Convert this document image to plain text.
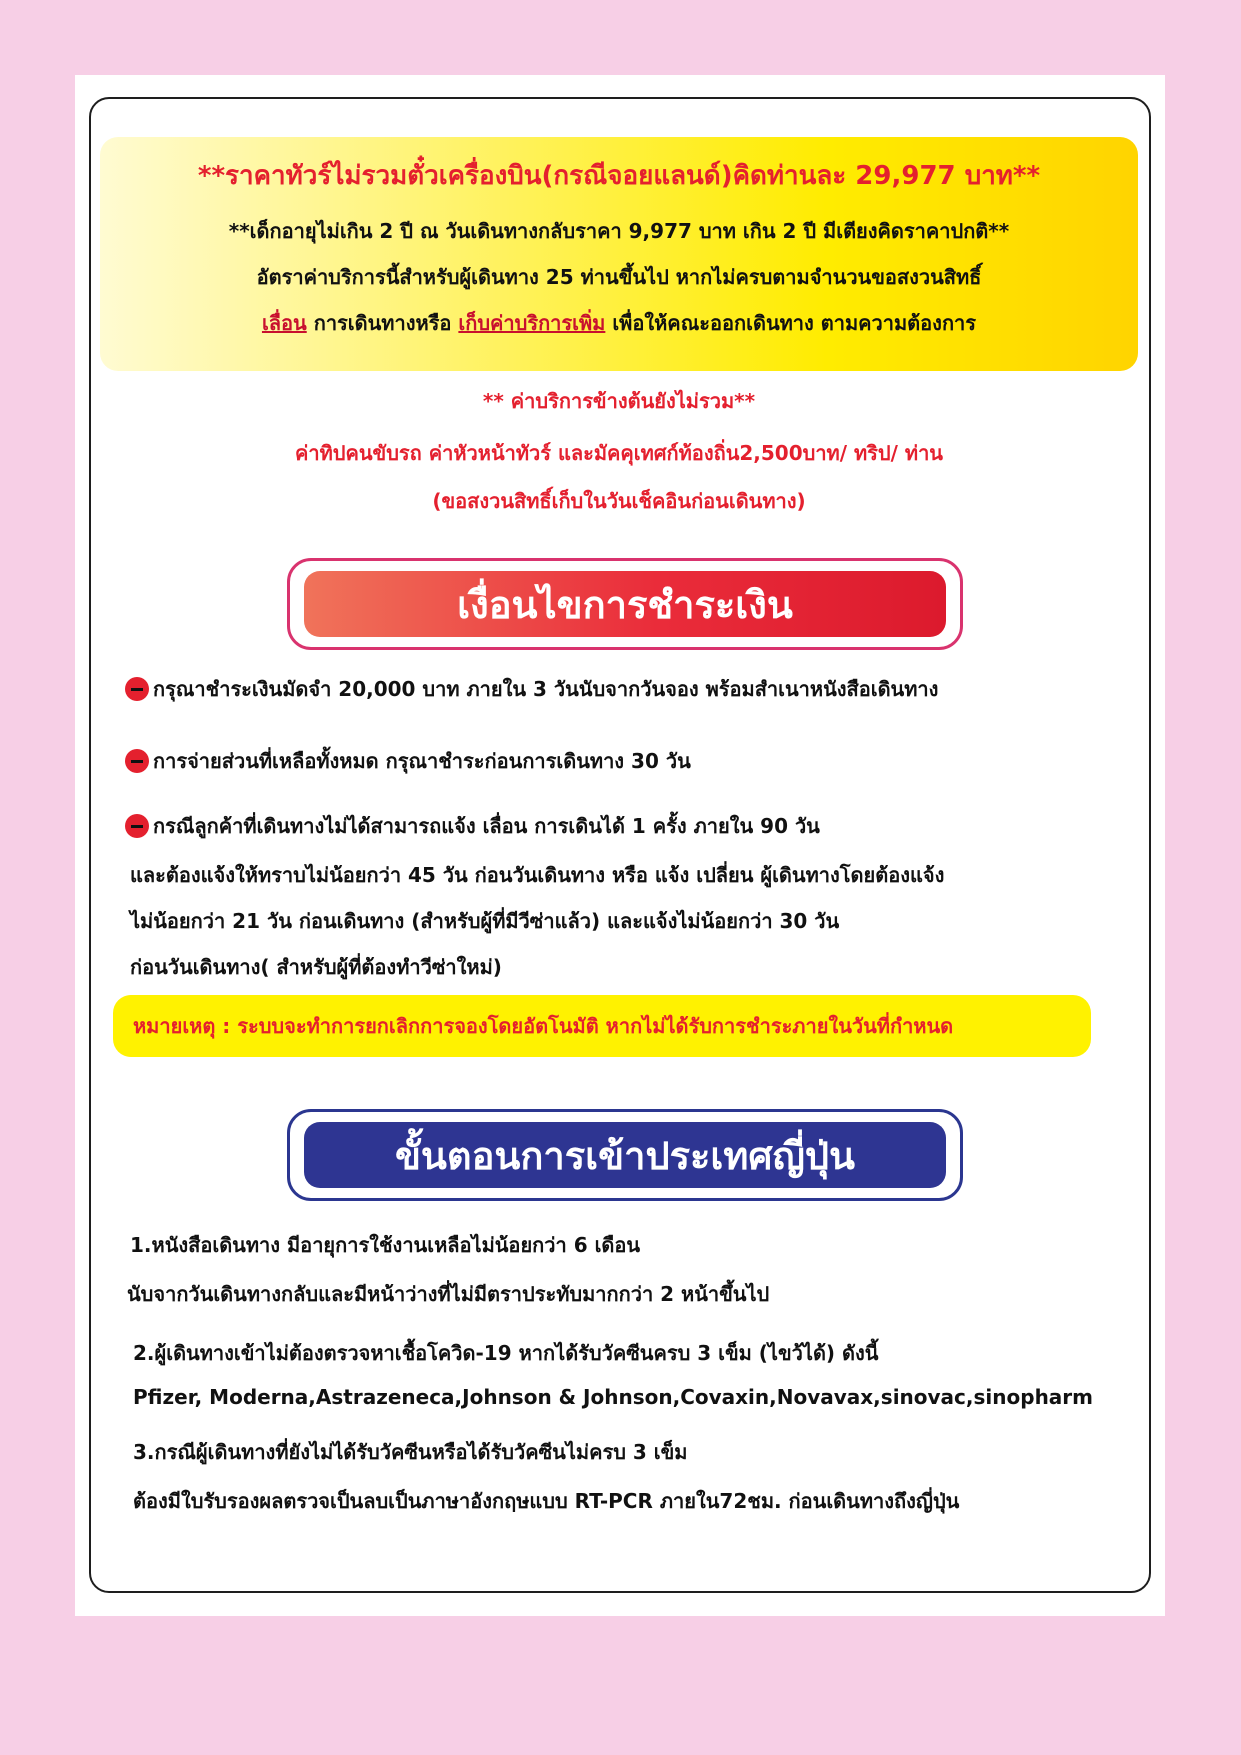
**ราคาทัวร์ไม่รวมตั๋วเครื่องบิน(กรณีจอยแลนด์)คิดท่านละ 29,977 บาท**
**เด็กอายุไม่เกิน 2 ปี ณ วันเดินทางกลับราคา 9,977 บาท เกิน 2 ปี มีเตียงคิดราคาปกติ**
อัตราค่าบริการนี้สำหรับผู้เดินทาง 25 ท่านขึ้นไป หากไม่ครบตามจำนวนขอสงวนสิทธิ์
เลื่อน การเดินทางหรือ เก็บค่าบริการเพิ่ม เพื่อให้คณะออกเดินทาง ตามความต้องการ
** ค่าบริการข้างต้นยังไม่รวม**
ค่าทิปคนขับรถ ค่าหัวหน้าทัวร์ และมัคคุเทศก์ท้องถิ่น2,500บาท/ ทริป/ ท่าน
(ขอสงวนสิทธิ์เก็บในวันเช็คอินก่อนเดินทาง)
เงื่อนไขการชำระเงิน
กรุณาชำระเงินมัดจำ 20,000 บาท ภายใน 3 วันนับจากวันจอง พร้อมสำเนาหนังสือเดินทาง
การจ่ายส่วนที่เหลือทั้งหมด กรุณาชำระก่อนการเดินทาง 30 วัน
กรณีลูกค้าที่เดินทางไม่ได้สามารถแจ้ง เลื่อน การเดินได้ 1 ครั้ง ภายใน 90 วัน
และต้องแจ้งให้ทราบไม่น้อยกว่า 45 วัน ก่อนวันเดินทาง หรือ แจ้ง เปลี่ยน ผู้เดินทางโดยต้องแจ้ง
ไม่น้อยกว่า 21 วัน ก่อนเดินทาง (สำหรับผู้ที่มีวีซ่าแล้ว) และแจ้งไม่น้อยกว่า 30 วัน
ก่อนวันเดินทาง( สำหรับผู้ที่ต้องทำวีซ่าใหม่)
หมายเหตุ : ระบบจะทำการยกเลิกการจองโดยอัตโนมัติ หากไม่ได้รับการชำระภายในวันที่กำหนด
ขั้นตอนการเข้าประเทศญี่ปุ่น
1.หนังสือเดินทาง มีอายุการใช้งานเหลือไม่น้อยกว่า 6 เดือน
นับจากวันเดินทางกลับและมีหน้าว่างที่ไม่มีตราประทับมากกว่า 2 หน้าขึ้นไป
2.ผู้เดินทางเข้าไม่ต้องตรวจหาเชื้อโควิด-19 หากได้รับวัคซีนครบ 3 เข็ม (ไขว้ได้) ดังนี้
Pfizer, Moderna,Astrazeneca,Johnson & Johnson,Covaxin,Novavax,sinovac,sinopharm
3.กรณีผู้เดินทางที่ยังไม่ได้รับวัคซีนหรือได้รับวัคซีนไม่ครบ 3 เข็ม
ต้องมีใบรับรองผลตรวจเป็นลบเป็นภาษาอังกฤษแบบ RT-PCR ภายใน72ชม. ก่อนเดินทางถึงญี่ปุ่น
